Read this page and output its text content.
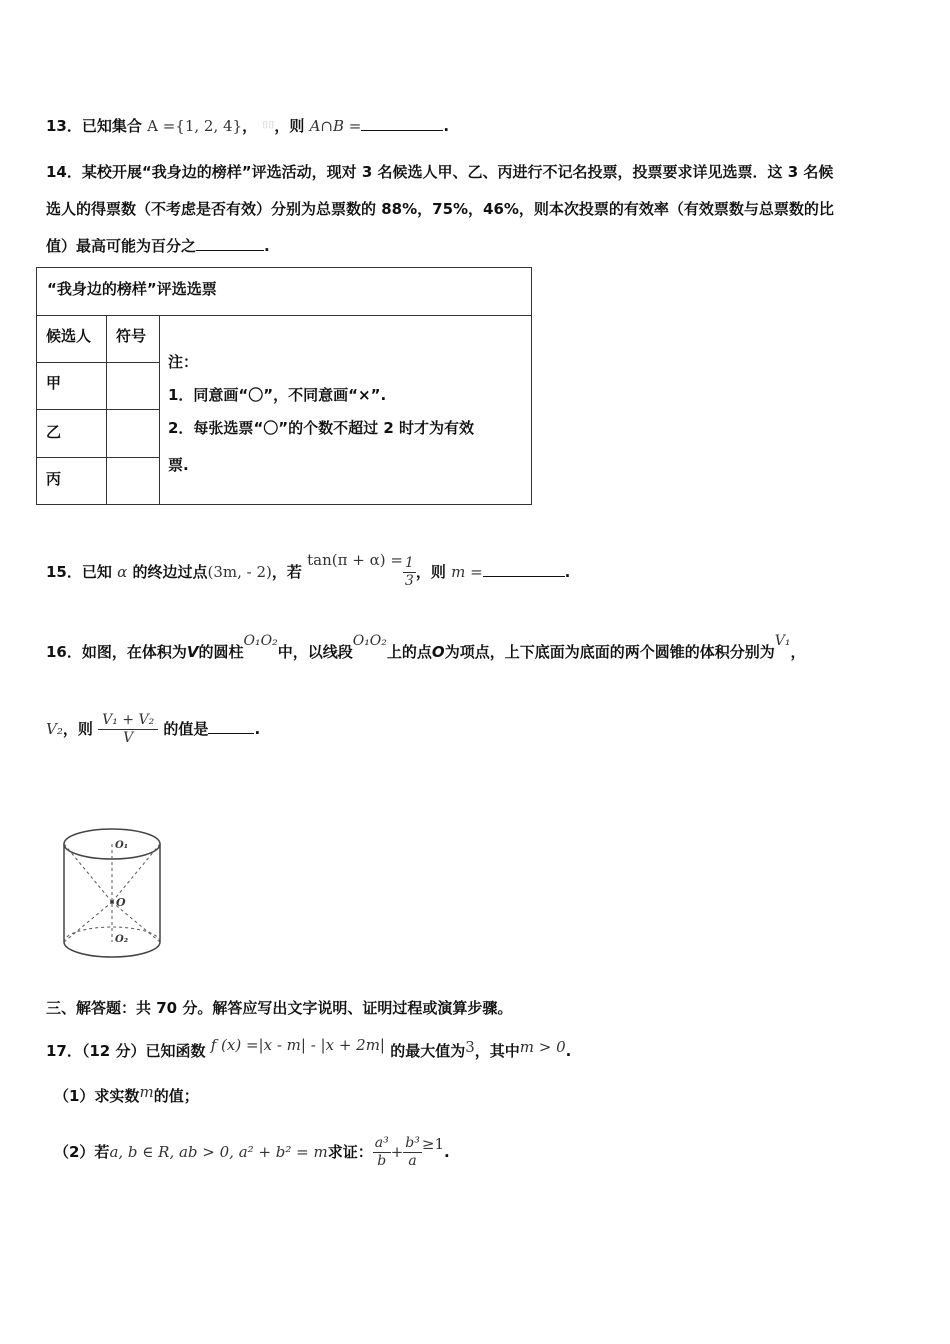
13．已知集合 A ={1, 2, 4}， ⌷⌷，则 A∩B =	.
14．某校开展“我身边的榜样”评选活动，现对 3 名候选人甲、乙、丙进行不记名投票，投票要求详见选票．这 3 名候
选人的得票数（不考虑是否有效）分别为总票数的 88%，75%，46%，则本次投票的有效率（有效票数与总票数的比
值）最高可能为百分之	.
“我身边的榜样”评选选票
候选人	符号
甲
乙
丙
注：
1．同意画“〇”，不同意画“×”.
2．每张选票“〇”的个数不超过 2 时才为有效
票.
15．已知 α 的终边过点(3m, - 2)，若 $\tan(\pi + \alpha) = \frac{1}{3}$ ，则 m =	.
16．如图，在体积为V的圆柱O₁O₂中，以线段O₁O₂上的点O为项点，上下底面为底面的两个圆锥的体积分别为V₁，
V₂，则 $\frac{\text{V₁ + V₂}}{V}$ 的值是	.
O₁
O
O₂
三、解答题：共 70 分。解答应写出文字说明、证明过程或演算步骤。
17．（12 分）已知函数 f (x) =|x - m| - |x + 2m| 的最大值为3，其中m > 0.
（1）求实数m的值；
（2）若a, b ∈ R, ab > 0, a² + b² = m求证： $\frac{\text{a³}}{b} + \frac{\text{b³}}{a} \ge 1$.
